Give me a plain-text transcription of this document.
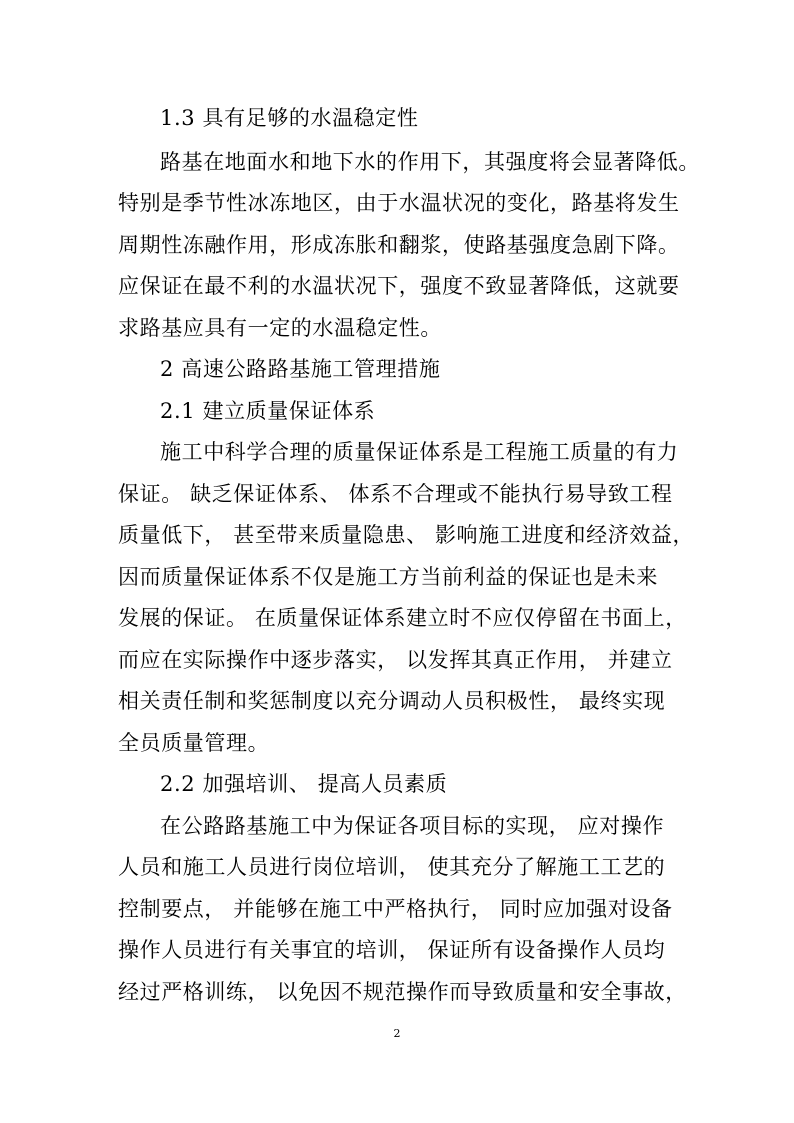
1.3 具有足够的水温稳定性
路基在地面水和地下水的作用下，其强度将会显著降低。
特别是季节性冰冻地区，由于水温状况的变化，路基将发生
周期性冻融作用，形成冻胀和翻浆，使路基强度急剧下降。
应保证在最不利的水温状况下，强度不致显著降低，这就要
求路基应具有一定的水温稳定性。
2 高速公路路基施工管理措施
2.1 建立质量保证体系
施工中科学合理的质量保证体系是工程施工质量的有力
保证。 缺乏保证体系、 体系不合理或不能执行易导致工程
质量低下， 甚至带来质量隐患、 影响施工进度和经济效益，
因而质量保证体系不仅是施工方当前利益的保证也是未来
发展的保证。 在质量保证体系建立时不应仅停留在书面上，
而应在实际操作中逐步落实， 以发挥其真正作用， 并建立
相关责任制和奖惩制度以充分调动人员积极性， 最终实现
全员质量管理。
2.2 加强培训、 提高人员素质
在公路路基施工中为保证各项目标的实现， 应对操作
人员和施工人员进行岗位培训， 使其充分了解施工工艺的
控制要点， 并能够在施工中严格执行， 同时应加强对设备
操作人员进行有关事宜的培训， 保证所有设备操作人员均
经过严格训练， 以免因不规范操作而导致质量和安全事故，
2
